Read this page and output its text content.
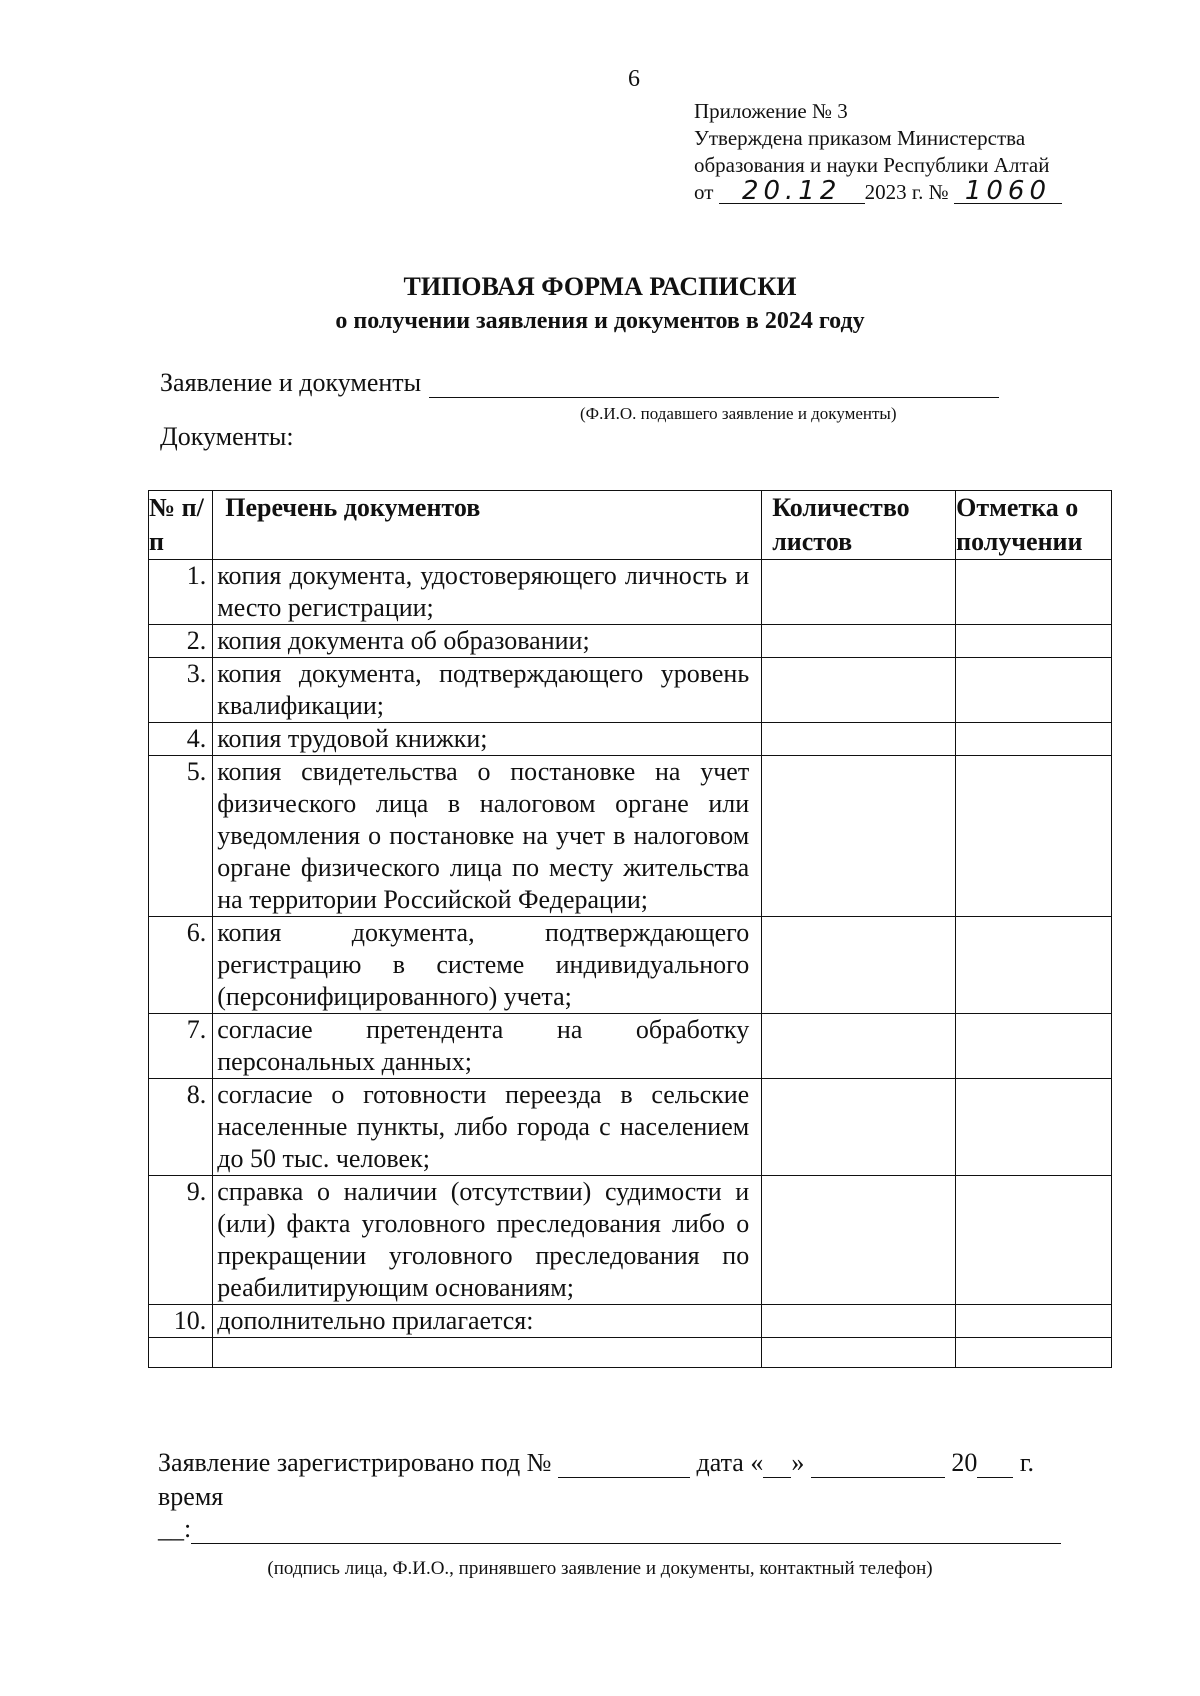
6
Приложение № 3
Утверждена приказом Министерства
образования и науки Республики Алтай
от 20.12 2023 г. № 1060
ТИПОВАЯ ФОРМА РАСПИСКИ
о получении заявления и документов в 2024 году
Заявление и документы
(Ф.И.О. подавшего заявление и документы)
Документы:
№ п/п	Перечень документов	Количество листов	Отметка о получении
1.	копия документа, удостоверяющего личность и место регистрации;		

2.	копия документа об образовании;		

3.	копия документа, подтверждающего уровень квалификации;		

4.	копия трудовой книжки;		

5.	копия свидетельства о постановке на учет физического лица в налоговом органе или уведомления о постановке на учет в налоговом органе физического лица по месту жительства на территории Российской Федерации;		

6.	копия документа, подтверждающего регистрацию в системе индивидуального (персонифицированного) учета;		

7.	согласие претендента на обработку персональных данных;		

8.	согласие о готовности переезда в сельские населенные пункты, либо города с населением до 50 тыс. человек;		

9.	справка о наличии (отсутствии) судимости и (или) факта уголовного преследования либо о прекращении уголовного преследования по реабилитирующим основаниям;		

10.	дополнительно прилагается:		

Заявление зарегистрировано под №	дата « »	20 г.
время
__:
(подпись лица, Ф.И.О., принявшего заявление и документы, контактный телефон)
